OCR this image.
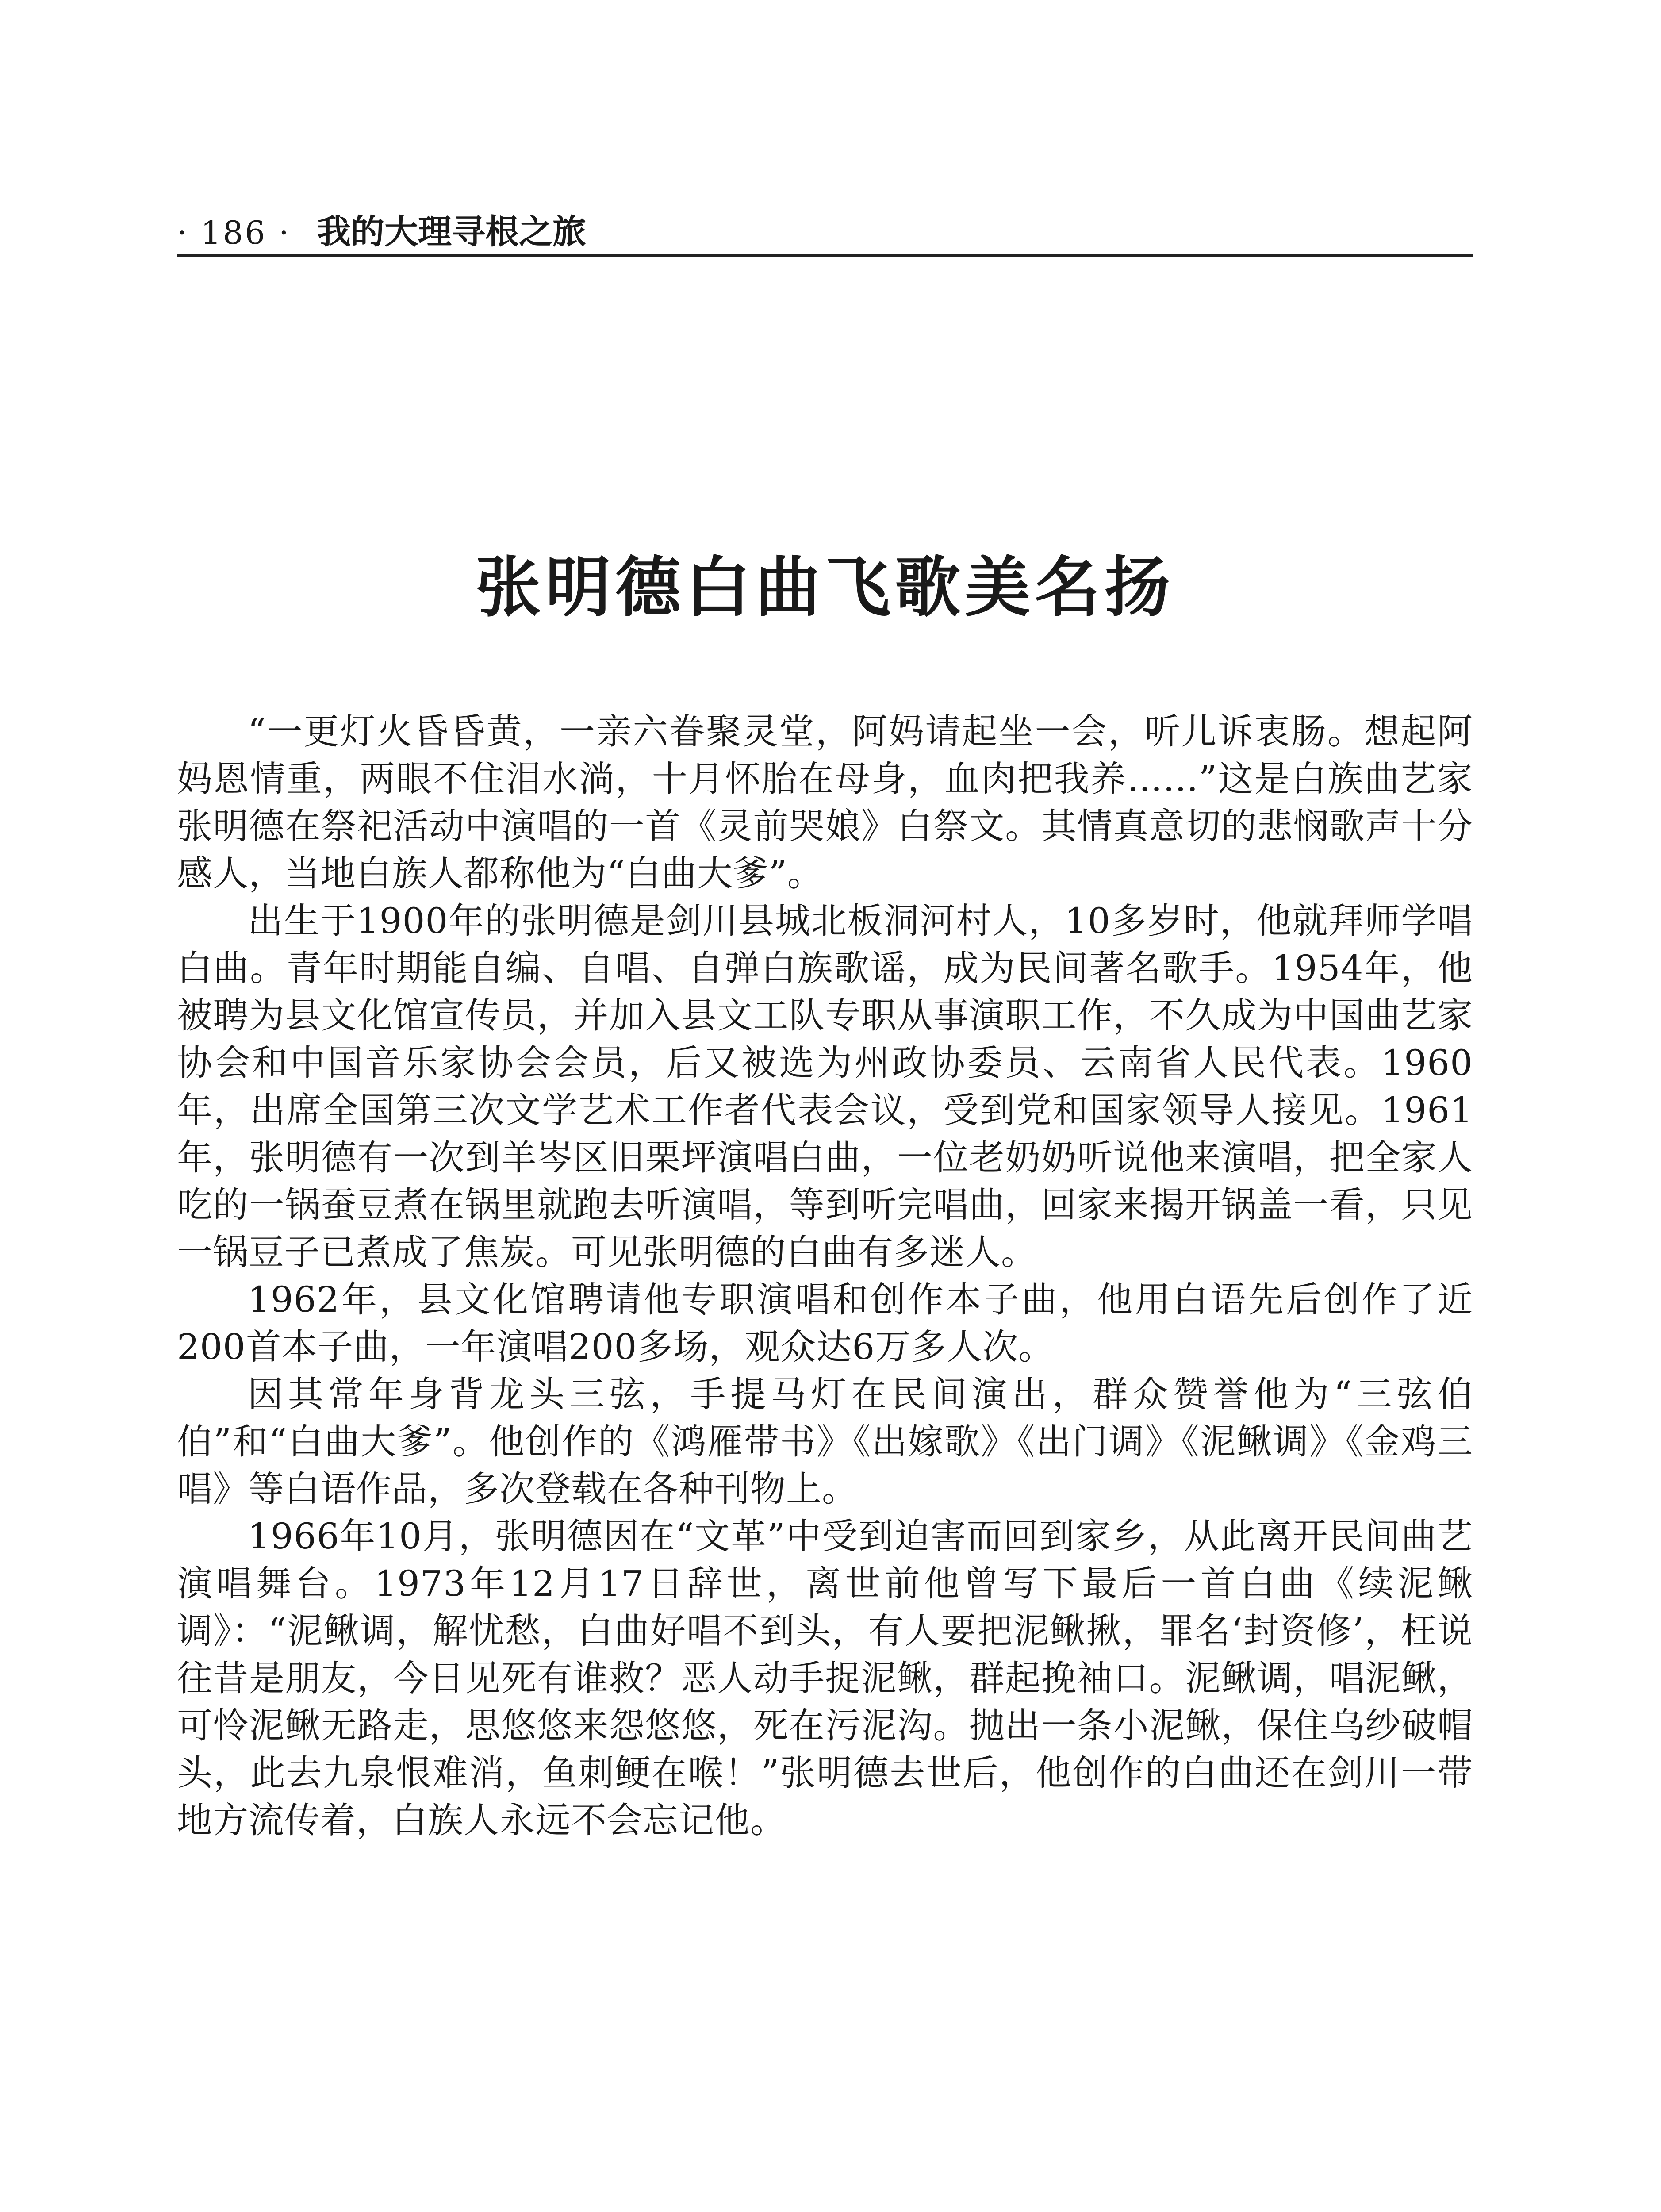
· 186 · 我的大理寻根之旅
张明德白曲飞歌美名扬

“一更灯火昏昏黄，一亲六眷聚灵堂，阿妈请起坐一会，听儿诉衷肠。想起阿妈恩情重，两眼不住泪水淌，十月怀胎在母身，血肉把我养……”这是白族曲艺家张明德在祭祀活动中演唱的一首《灵前哭娘》白祭文。其情真意切的悲悯歌声十分感人，当地白族人都称他为“白曲大爹”。

出生于1900年的张明德是剑川县城北板洞河村人，10多岁时，他就拜师学唱白曲。青年时期能自编、自唱、自弹白族歌谣，成为民间著名歌手。1954年，他被聘为县文化馆宣传员，并加入县文工队专职从事演职工作，不久成为中国曲艺家协会和中国音乐家协会会员，后又被选为州政协委员、云南省人民代表。1960年，出席全国第三次文学艺术工作者代表会议，受到党和国家领导人接见。1961年，张明德有一次到羊岑区旧栗坪演唱白曲，一位老奶奶听说他来演唱，把全家人吃的一锅蚕豆煮在锅里就跑去听演唱，等到听完唱曲，回家来揭开锅盖一看，只见一锅豆子已煮成了焦炭。可见张明德的白曲有多迷人。

1962年，县文化馆聘请他专职演唱和创作本子曲，他用白语先后创作了近200首本子曲，一年演唱200多场，观众达6万多人次。

因其常年身背龙头三弦，手提马灯在民间演出，群众赞誉他为“三弦伯伯”和“白曲大爹”。他创作的《鸿雁带书》《出嫁歌》《出门调》《泥鳅调》《金鸡三唱》等白语作品，多次登载在各种刊物上。

1966年10月，张明德因在“文革”中受到迫害而回到家乡，从此离开民间曲艺演唱舞台。1973年12月17日辞世，离世前他曾写下最后一首白曲《续泥鳅调》：“泥鳅调，解忧愁，白曲好唱不到头，有人要把泥鳅揪，罪名‘封资修’，枉说往昔是朋友，今日见死有谁救？恶人动手捉泥鳅，群起挽袖口。泥鳅调，唱泥鳅，可怜泥鳅无路走，思悠悠来怨悠悠，死在污泥沟。抛出一条小泥鳅，保住乌纱破帽头，此去九泉恨难消，鱼刺鲠在喉！”张明德去世后，他创作的白曲还在剑川一带地方流传着，白族人永远不会忘记他。
